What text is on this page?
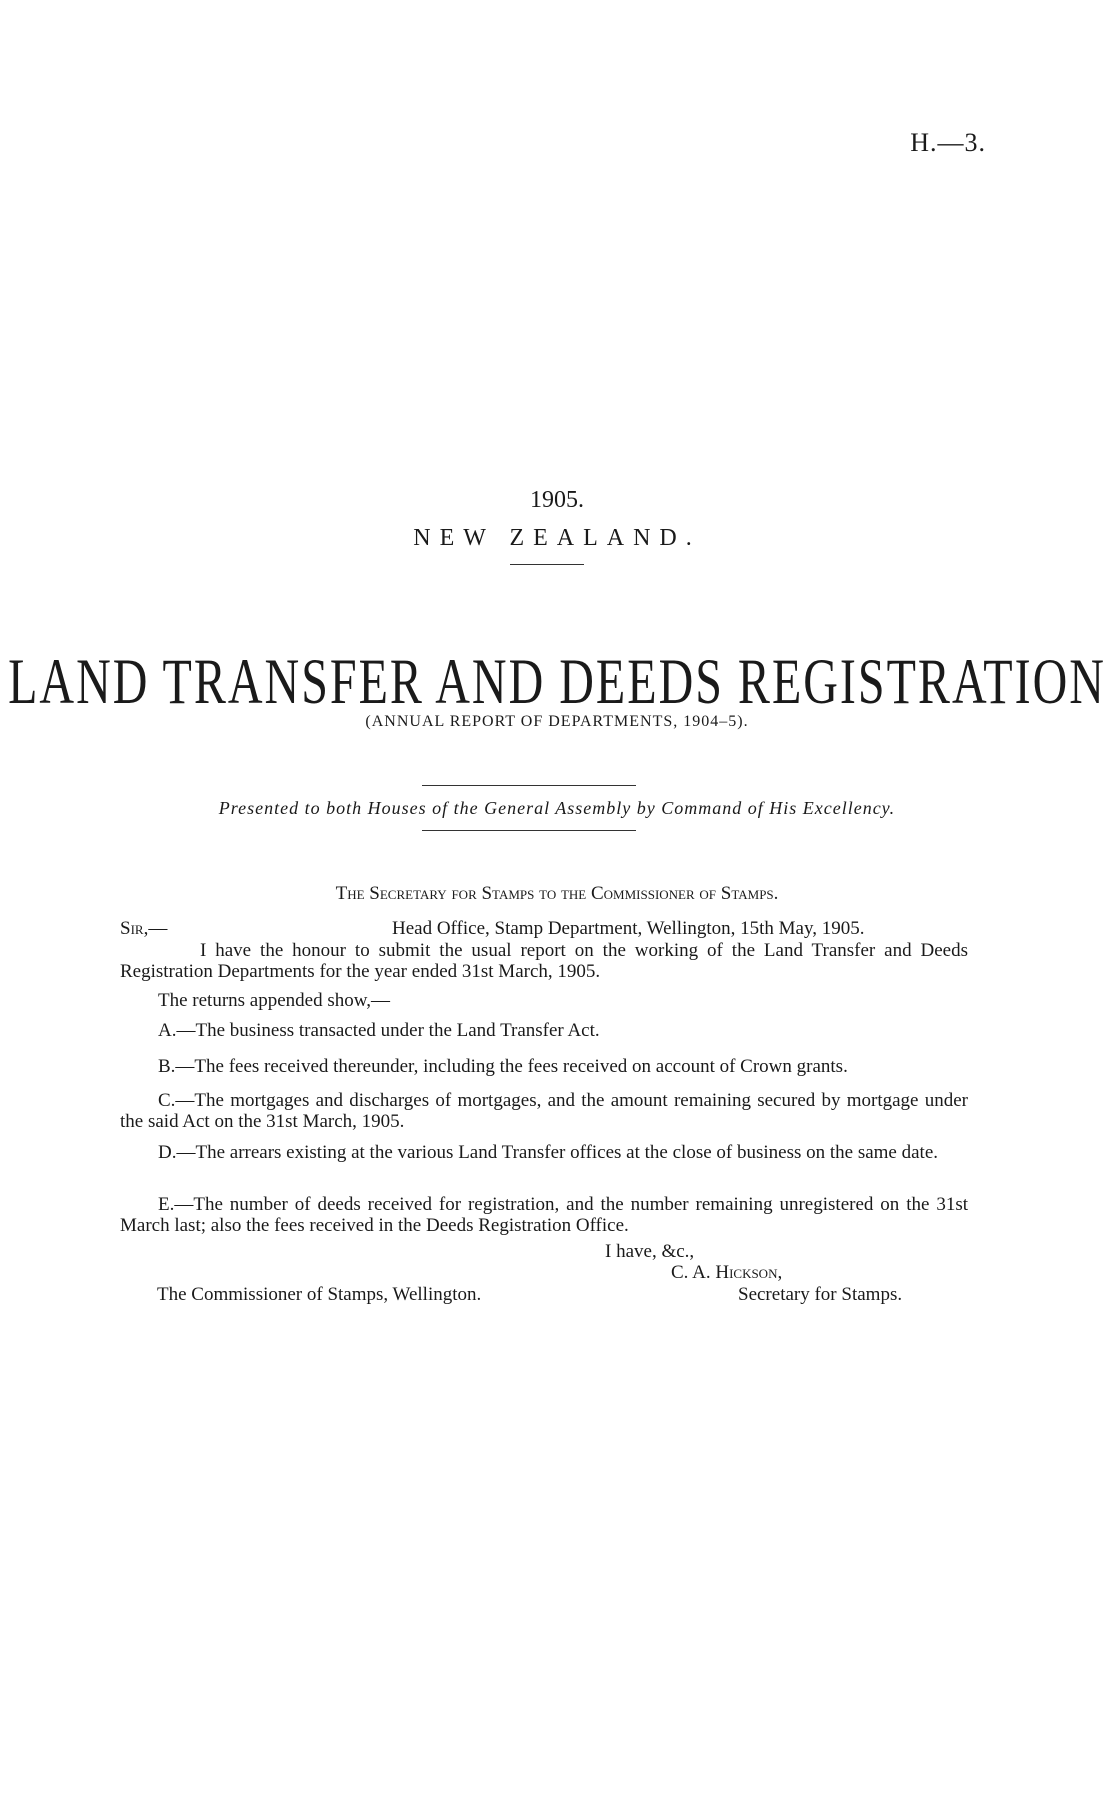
H.—3.
1905.
NEW ZEALAND.
LAND TRANSFER AND DEEDS REGISTRATION
(ANNUAL REPORT OF DEPARTMENTS, 1904–5).
Presented to both Houses of the General Assembly by Command of His Excellency.
The Secretary for Stamps to the Commissioner of Stamps.
Sir,—	Head Office, Stamp Department, Wellington, 15th May, 1905.
I have the honour to submit the usual report on the working of the Land Transfer and Deeds Registration Departments for the year ended 31st March, 1905.
The returns appended show,—
A.—The business transacted under the Land Transfer Act.
B.—The fees received thereunder, including the fees received on account of Crown grants.
C.—The mortgages and discharges of mortgages, and the amount remaining secured by mortgage under the said Act on the 31st March, 1905.
D.—The arrears existing at the various Land Transfer offices at the close of business on the same date.
E.—The number of deeds received for registration, and the number remaining unregistered on the 31st March last; also the fees received in the Deeds Registration Office.
I have, &c.,
C. A. Hickson,
Secretary for Stamps.
The Commissioner of Stamps, Wellington.
